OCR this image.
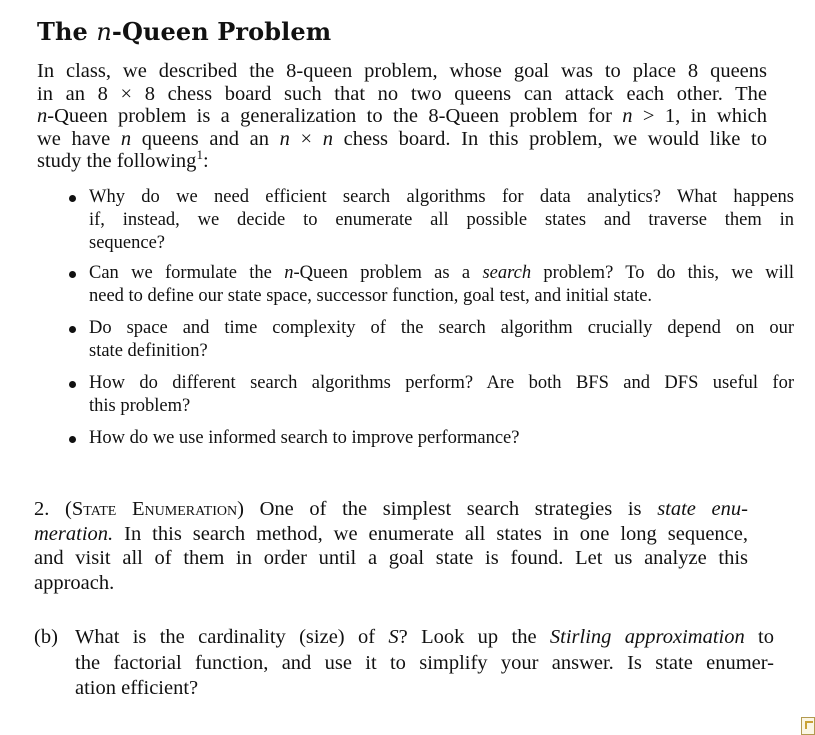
The n-Queen Problem
In class, we described the 8-queen problem, whose goal was to place 8 queens
in an 8 × 8 chess board such that no two queens can attack each other. The
n-Queen problem is a generalization to the 8-Queen problem for n > 1, in which
we have n queens and an n × n chess board. In this problem, we would like to
study the following$^1$:
Why do we need efficient search algorithms for data analytics? What happens
if, instead, we decide to enumerate all possible states and traverse them in
sequence?
Can we formulate the n-Queen problem as a search problem? To do this, we will
need to define our state space, successor function, goal test, and initial state.
Do space and time complexity of the search algorithm crucially depend on our
state definition?
How do different search algorithms perform? Are both BFS and DFS useful for
this problem?
How do we use informed search to improve performance?
2. (State Enumeration) One of the simplest search strategies is state enu-
meration. In this search method, we enumerate all states in one long sequence,
and visit all of them in order until a goal state is found. Let us analyze this
approach.
(b) What is the cardinality (size) of S? Look up the Stirling approximation to
the factorial function, and use it to simplify your answer. Is state enumer-
ation efficient?
